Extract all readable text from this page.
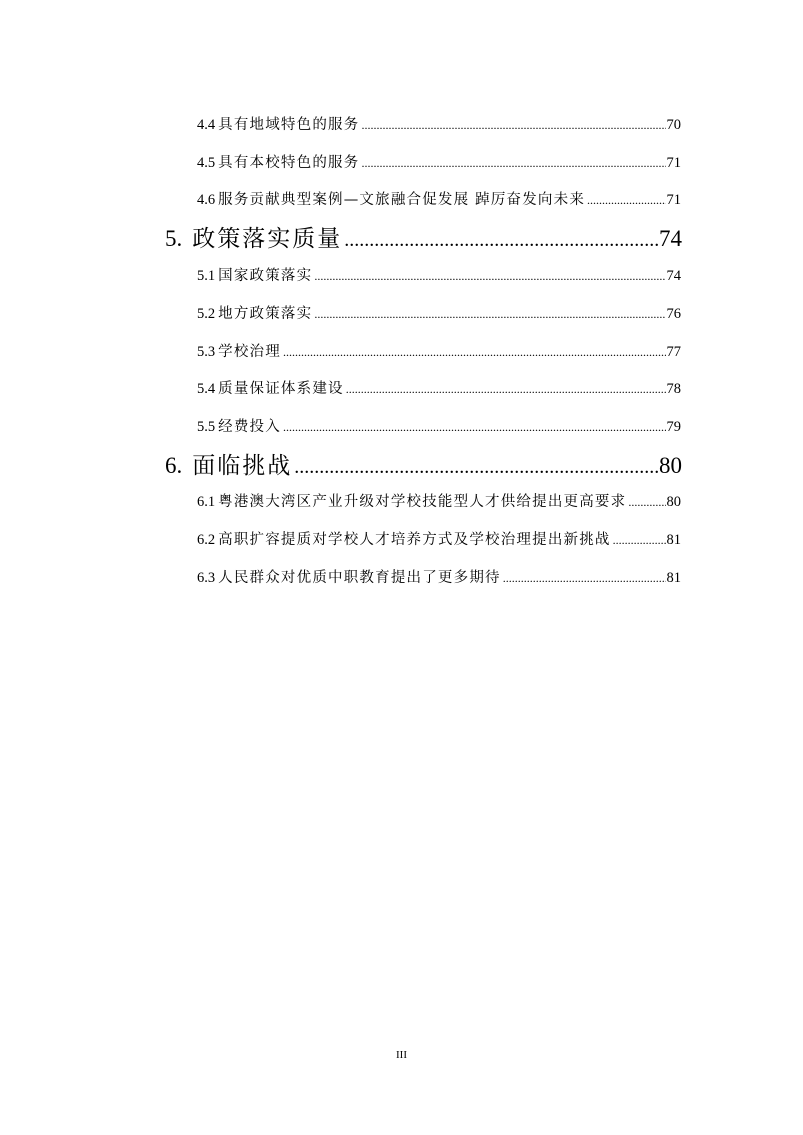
4.4 具有地域特色的服务 .....	70
4.5 具有本校特色的服务 .....	71
4.6 服务贡献典型案例—文旅融合促发展 踔厉奋发向未来 .....	71
5. 政策落实质量 .....	74
5.1 国家政策落实 .....	74
5.2 地方政策落实 .....	76
5.3 学校治理 .....	77
5.4 质量保证体系建设 .....	78
5.5 经费投入 .....	79
6. 面临挑战 .....	80
6.1 粤港澳大湾区产业升级对学校技能型人才供给提出更高要求 .....	80
6.2 高职扩容提质对学校人才培养方式及学校治理提出新挑战 .....	81
6.3 人民群众对优质中职教育提出了更多期待 .....	81
III
